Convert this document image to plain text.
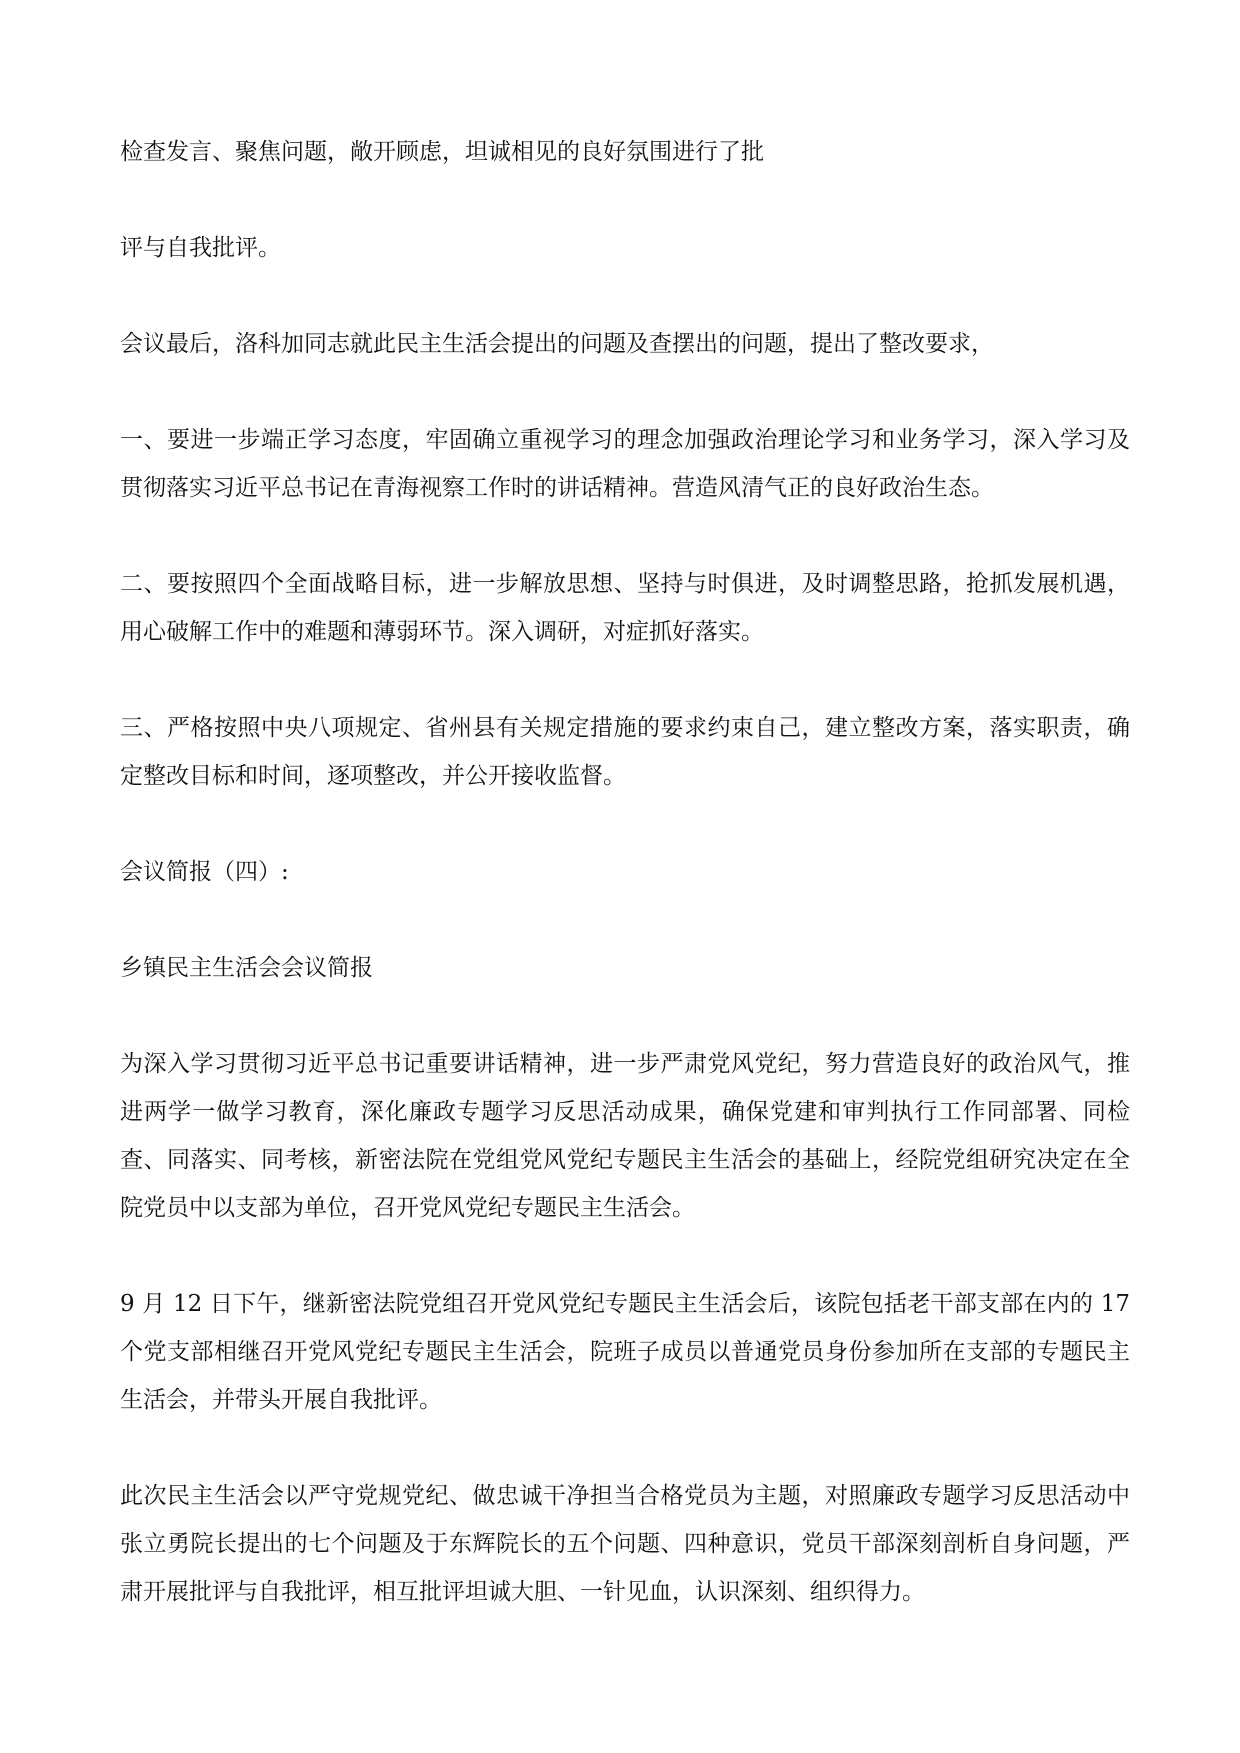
检查发言、聚焦问题，敞开顾虑，坦诚相见的良好氛围进行了批

评与自我批评。

会议最后，洛科加同志就此民主生活会提出的问题及查摆出的问题，提出了整改要求，

一、要进一步端正学习态度，牢固确立重视学习的理念加强政治理论学习和业务学习，深入学习及贯彻落实习近平总书记在青海视察工作时的讲话精神。营造风清气正的良好政治生态。

二、要按照四个全面战略目标，进一步解放思想、坚持与时俱进，及时调整思路，抢抓发展机遇，用心破解工作中的难题和薄弱环节。深入调研，对症抓好落实。

三、严格按照中央八项规定、省州县有关规定措施的要求约束自己，建立整改方案，落实职责，确定整改目标和时间，逐项整改，并公开接收监督。

会议简报（四）:

乡镇民主生活会会议简报

为深入学习贯彻习近平总书记重要讲话精神，进一步严肃党风党纪，努力营造良好的政治风气，推进两学一做学习教育，深化廉政专题学习反思活动成果，确保党建和审判执行工作同部署、同检查、同落实、同考核，新密法院在党组党风党纪专题民主生活会的基础上，经院党组研究决定在全院党员中以支部为单位，召开党风党纪专题民主生活会。

9 月 12 日下午，继新密法院党组召开党风党纪专题民主生活会后，该院包括老干部支部在内的 17 个党支部相继召开党风党纪专题民主生活会，院班子成员以普通党员身份参加所在支部的专题民主生活会，并带头开展自我批评。

此次民主生活会以严守党规党纪、做忠诚干净担当合格党员为主题，对照廉政专题学习反思活动中张立勇院长提出的七个问题及于东辉院长的五个问题、四种意识，党员干部深刻剖析自身问题，严肃开展批评与自我批评，相互批评坦诚大胆、一针见血，认识深刻、组织得力。
